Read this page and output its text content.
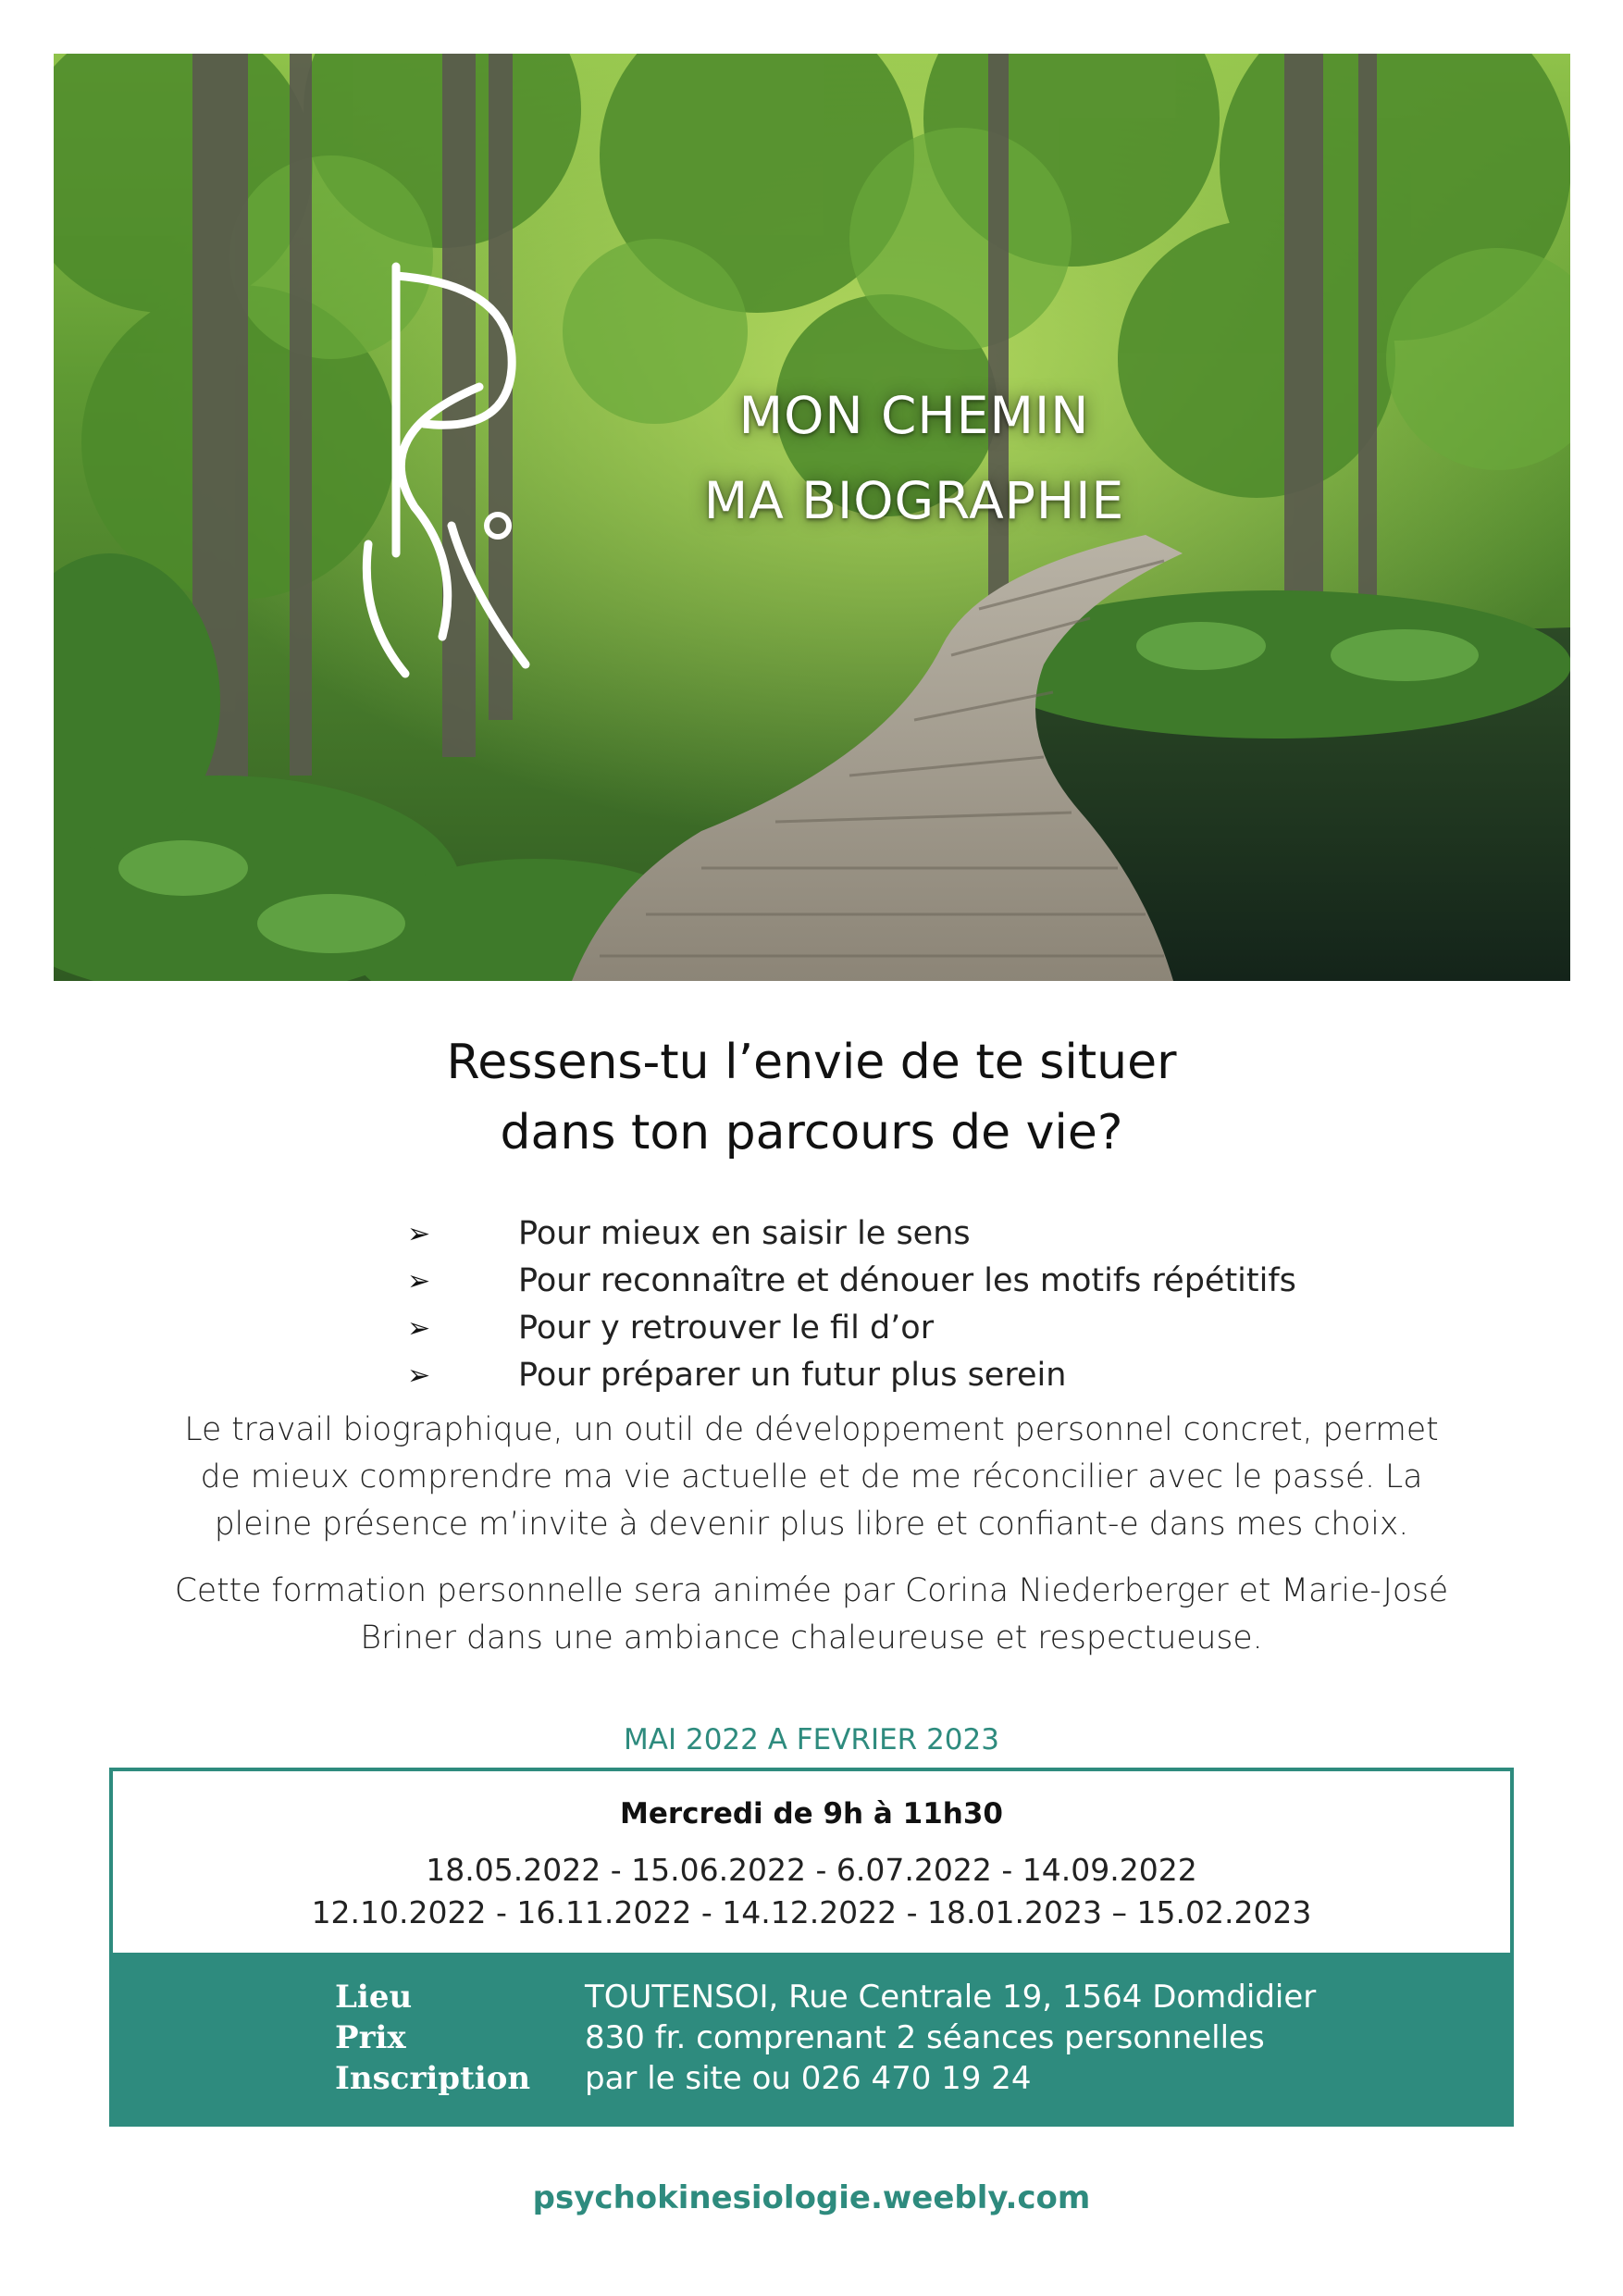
MON CHEMIN
MA BIOGRAPHIE
Ressens-tu l’envie de te situer
dans ton parcours de vie?
➢	Pour mieux en saisir le sens
➢	Pour reconnaître et dénouer les motifs répétitifs
➢	Pour y retrouver le fil d’or
➢	Pour préparer un futur plus serein
Le travail biographique, un outil de développement personnel concret, permet
de mieux comprendre ma vie actuelle et de me réconcilier avec le passé. La
pleine présence m’invite à devenir plus libre et confiant-e dans mes choix.
Cette formation personnelle sera animée par Corina Niederberger et Marie-José
Briner dans une ambiance chaleureuse et respectueuse.
MAI 2022 A FEVRIER 2023
Mercredi de 9h à 11h30
18.05.2022 - 15.06.2022 - 6.07.2022 - 14.09.2022
12.10.2022 - 16.11.2022 - 14.12.2022 - 18.01.2023 – 15.02.2023
Lieu	TOUTENSOI, Rue Centrale 19, 1564 Domdidier
Prix	830 fr. comprenant 2 séances personnelles
Inscription par le site ou 026 470 19 24
psychokinesiologie.weebly.com
